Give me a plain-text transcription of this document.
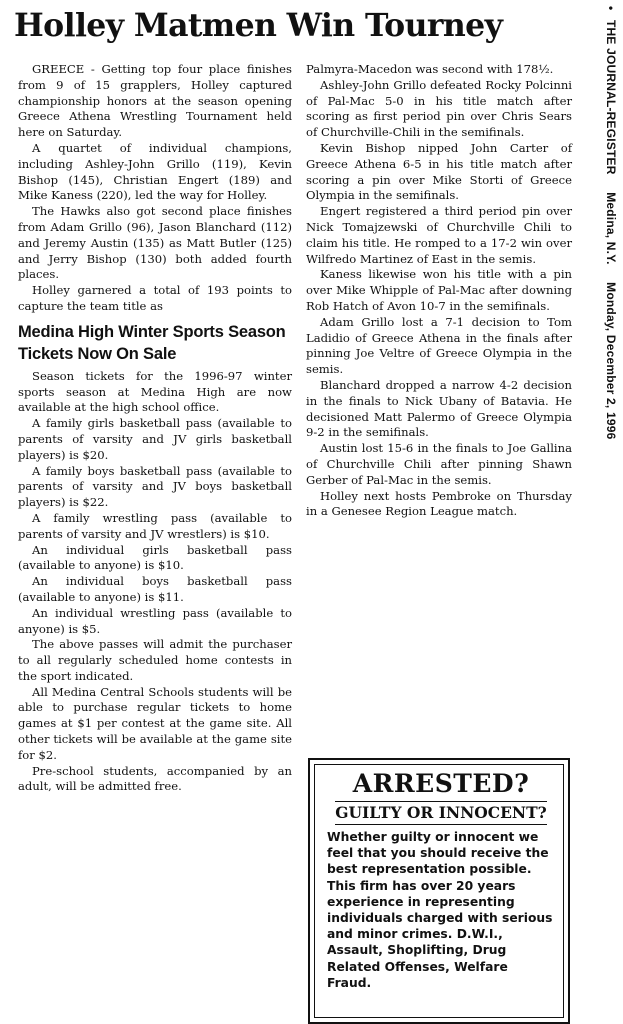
Holley Matmen Win Tourney	• THE JOURNAL-REGISTER Medina, N.Y. Monday, December 2, 1996

GREECE - Getting top four place finishes from 9 of 15 grapplers, Holley captured championship honors at the season opening Greece Athena Wrestling Tournament held here on Saturday.

A quartet of individual champions, including Ashley-John Grillo (119), Kevin Bishop (145), Christian Engert (189) and Mike Kaness (220), led the way for Holley.

The Hawks also got second place finishes from Adam Grillo (96), Jason Blanchard (112) and Jeremy Austin (135) as Matt Butler (125) and Jerry Bishop (130) both added fourth places.

Holley garnered a total of 193 points to capture the team title as

Medina High Winter Sports Season Tickets Now On Sale

Season tickets for the 1996-97 winter sports season at Medina High are now available at the high school office.

A family girls basketball pass (available to parents of varsity and JV girls basketball players) is $20.

A family boys basketball pass (available to parents of varsity and JV boys basketball players) is $22.

A family wrestling pass (available to parents of varsity and JV wrestlers) is $10.

An individual girls basketball pass (available to anyone) is $10.

An individual boys basketball pass (available to anyone) is $11.

An individual wrestling pass (available to anyone) is $5.

The above passes will admit the purchaser to all regularly scheduled home contests in the sport indicated.

All Medina Central Schools students will be able to purchase regular tickets to home games at $1 per contest at the game site. All other tickets will be available at the game site for $2.

Pre-school students, accompanied by an adult, will be admitted free.

Palmyra-Macedon was second with 178½.

Ashley-John Grillo defeated Rocky Polcinni of Pal-Mac 5-0 in his title match after scoring as first period pin over Chris Sears of Churchville-Chili in the semifinals.

Kevin Bishop nipped John Carter of Greece Athena 6-5 in his title match after scoring a pin over Mike Storti of Greece Olympia in the semifinals.

Engert registered a third period pin over Nick Tomajzewski of Churchville Chili to claim his title. He romped to a 17-2 win over Wilfredo Martinez of East in the semis.

Kaness likewise won his title with a pin over Mike Whipple of Pal-Mac after downing Rob Hatch of Avon 10-7 in the semifinals.

Adam Grillo lost a 7-1 decision to Tom Ladidio of Greece Athena in the finals after pinning Joe Veltre of Greece Olympia in the semis.

Blanchard dropped a narrow 4-2 decision in the finals to Nick Ubany of Batavia. He decisioned Matt Palermo of Greece Olympia 9-2 in the semifinals.

Austin lost 15-6 in the finals to Joe Gallina of Churchville Chili after pinning Shawn Gerber of Pal-Mac in the semis.

Holley next hosts Pembroke on Thursday in a Genesee Region League match.

ARRESTED?
GUILTY OR INNOCENT?
Whether guilty or innocent we feel that you should receive the best representation possible. This firm has over 20 years experience in representing individuals charged with serious and minor crimes. D.W.I., Assault, Shoplifting, Drug Related Offenses, Welfare Fraud.
